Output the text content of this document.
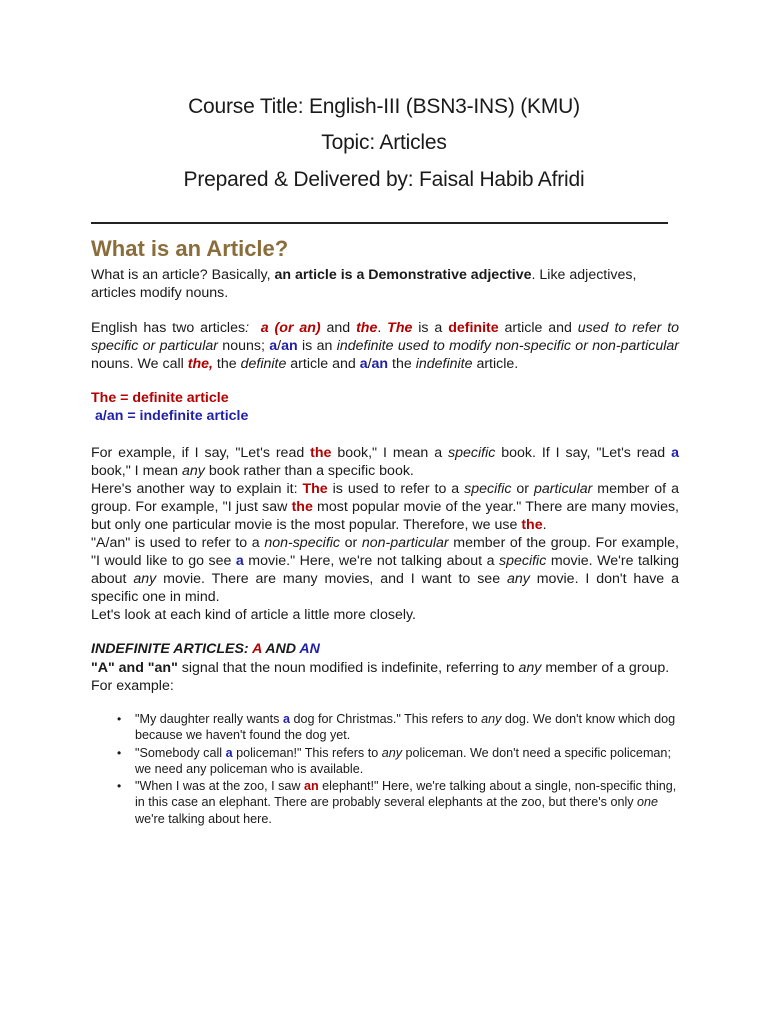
Course Title: English-III (BSN3-INS) (KMU)
Topic: Articles
Prepared & Delivered by: Faisal Habib Afridi
What is an Article?
What is an article? Basically, an article is a Demonstrative adjective. Like adjectives, articles modify nouns.
English has two articles: a (or an) and the. The is a definite article and used to refer to specific or particular nouns; a/an is an indefinite used to modify non-specific or non-particular nouns. We call the, the definite article and a/an the indefinite article.
The = definite article
a/an = indefinite article
For example, if I say, "Let's read the book," I mean a specific book. If I say, "Let's read a book," I mean any book rather than a specific book.
Here's another way to explain it: The is used to refer to a specific or particular member of a group. For example, "I just saw the most popular movie of the year." There are many movies, but only one particular movie is the most popular. Therefore, we use the.
"A/an" is used to refer to a non-specific or non-particular member of the group. For example, "I would like to go see a movie." Here, we're not talking about a specific movie. We're talking about any movie. There are many movies, and I want to see any movie. I don't have a specific one in mind.
Let's look at each kind of article a little more closely.
INDEFINITE ARTICLES: A AND AN
"A" and "an" signal that the noun modified is indefinite, referring to any member of a group. For example:
• "My daughter really wants a dog for Christmas." This refers to any dog. We don't know which dog because we haven't found the dog yet.
• "Somebody call a policeman!" This refers to any policeman. We don't need a specific policeman; we need any policeman who is available.
• "When I was at the zoo, I saw an elephant!" Here, we're talking about a single, non-specific thing, in this case an elephant. There are probably several elephants at the zoo, but there's only one we're talking about here.
